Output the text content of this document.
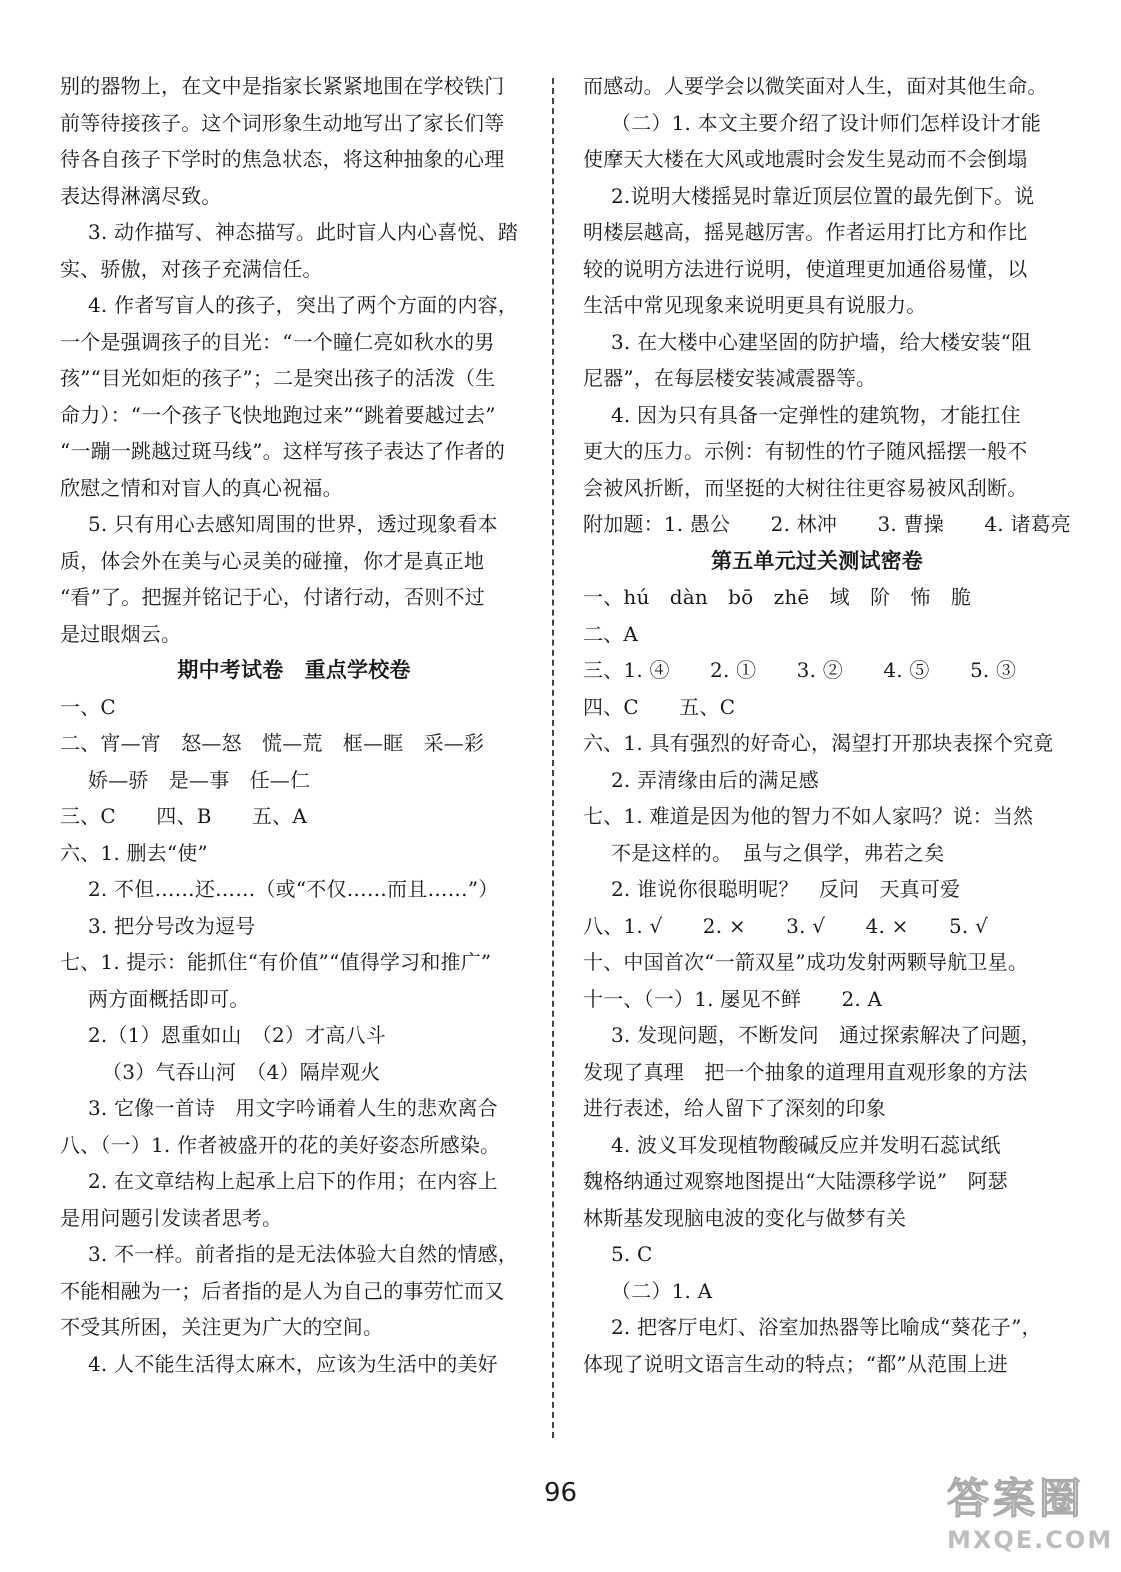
别的器物上，在文中是指家长紧紧地围在学校铁门
前等待接孩子。这个词形象生动地写出了家长们等
待各自孩子下学时的焦急状态，将这种抽象的心理
表达得淋漓尽致。
3. 动作描写、神态描写。此时盲人内心喜悦、踏
实、骄傲，对孩子充满信任。
4. 作者写盲人的孩子，突出了两个方面的内容，
一个是强调孩子的目光：“一个瞳仁亮如秋水的男
孩”“目光如炬的孩子”；二是突出孩子的活泼（生
命力）：“一个孩子飞快地跑过来”“跳着要越过去”
“一蹦一跳越过斑马线”。这样写孩子表达了作者的
欣慰之情和对盲人的真心祝福。
5. 只有用心去感知周围的世界，透过现象看本
质，体会外在美与心灵美的碰撞，你才是真正地
“看”了。把握并铭记于心，付诸行动，否则不过
是过眼烟云。
期中考试卷　重点学校卷
一、C
二、宵—宵　怒—怒　慌—荒　框—眶　采—彩
娇—骄　是—事　任—仁
三、C　　四、B　　五、A
六、1. 删去“使”
2. 不但……还……（或“不仅……而且……”）
3. 把分号改为逗号
七、1. 提示：能抓住“有价值”“值得学习和推广”
两方面概括即可。
2.（1）恩重如山　（2）才高八斗
（3）气吞山河　（4）隔岸观火
3. 它像一首诗　用文字吟诵着人生的悲欢离合
八、（一）1. 作者被盛开的花的美好姿态所感染。
2. 在文章结构上起承上启下的作用；在内容上
是用问题引发读者思考。
3. 不一样。前者指的是无法体验大自然的情感，
不能相融为一；后者指的是人为自己的事劳忙而又
不受其所困，关注更为广大的空间。
4. 人不能生活得太麻木，应该为生活中的美好
而感动。人要学会以微笑面对人生，面对其他生命。
（二）1. 本文主要介绍了设计师们怎样设计才能
使摩天大楼在大风或地震时会发生晃动而不会倒塌
2.说明大楼摇晃时靠近顶层位置的最先倒下。说
明楼层越高，摇晃越厉害。作者运用打比方和作比
较的说明方法进行说明，使道理更加通俗易懂，以
生活中常见现象来说明更具有说服力。
3. 在大楼中心建坚固的防护墙，给大楼安装“阻
尼器”，在每层楼安装减震器等。
4. 因为只有具备一定弹性的建筑物，才能扛住
更大的压力。示例：有韧性的竹子随风摇摆一般不
会被风折断，而坚挺的大树往往更容易被风刮断。
附加题：1. 愚公　　2. 林冲　　3. 曹操　　4. 诸葛亮
第五单元过关测试密卷
一、hú　dàn　bō　zhē　域　阶　怖　脆
二、A
三、1. ④　　2. ①　　3. ②　　4. ⑤　　5. ③
四、C　　五、C
六、1. 具有强烈的好奇心，渴望打开那块表探个究竟
2. 弄清缘由后的满足感
七、1. 难道是因为他的智力不如人家吗？说：当然
不是这样的。　虽与之俱学，弗若之矣
2. 谁说你很聪明呢？　反问　天真可爱
八、1. √　　2. ×　　3. √　　4. ×　　5. √
十、中国首次“一箭双星”成功发射两颗导航卫星。
十一、（一）1. 屡见不鲜　　2. A
3. 发现问题，不断发问　通过探索解决了问题，
发现了真理　把一个抽象的道理用直观形象的方法
进行表述，给人留下了深刻的印象
4. 波义耳发现植物酸碱反应并发明石蕊试纸
魏格纳通过观察地图提出“大陆漂移学说”　阿瑟
林斯基发现脑电波的变化与做梦有关
5. C
（二）1. A
2. 把客厅电灯、浴室加热器等比喻成“葵花子”，
体现了说明文语言生动的特点；“都”从范围上进
96	答案圈
MXQE.COM
